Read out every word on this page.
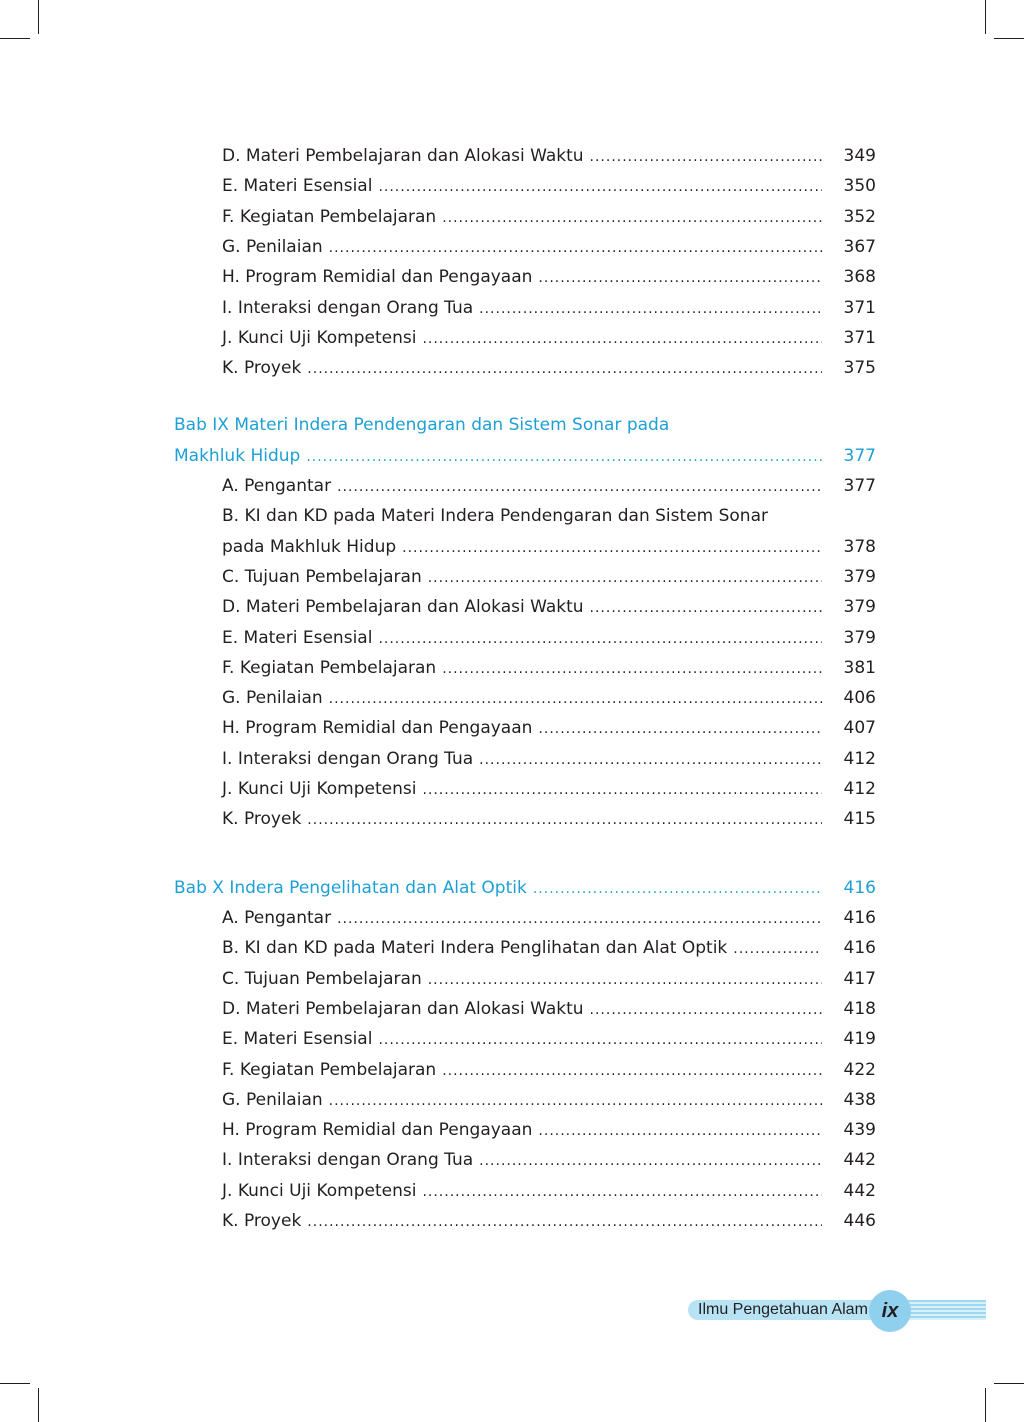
D. Materi Pembelajaran dan Alokasi Waktu .....	349
E. Materi Esensial .....	350
F. Kegiatan Pembelajaran .....	352
G. Penilaian .....	367
H. Program Remidial dan Pengayaan .....	368
I. Interaksi dengan Orang Tua .....	371
J. Kunci Uji Kompetensi .....	371
K. Proyek .....	375
Bab IX Materi Indera Pendengaran dan Sistem Sonar pada
Makhluk Hidup .....	377
A. Pengantar .....	377
B. KI dan KD pada Materi Indera Pendengaran dan Sistem Sonar
pada Makhluk Hidup .....	378
C. Tujuan Pembelajaran .....	379
D. Materi Pembelajaran dan Alokasi Waktu .....	379
E. Materi Esensial .....	379
F. Kegiatan Pembelajaran .....	381
G. Penilaian .....	406
H. Program Remidial dan Pengayaan .....	407
I. Interaksi dengan Orang Tua .....	412
J. Kunci Uji Kompetensi .....	412
K. Proyek .....	415
Bab X Indera Pengelihatan dan Alat Optik .....	416
A. Pengantar .....	416
B. KI dan KD pada Materi Indera Penglihatan dan Alat Optik .....	416
C. Tujuan Pembelajaran .....	417
D. Materi Pembelajaran dan Alokasi Waktu .....	418
E. Materi Esensial .....	419
F. Kegiatan Pembelajaran .....	422
G. Penilaian .....	438
H. Program Remidial dan Pengayaan .....	439
I. Interaksi dengan Orang Tua .....	442
J. Kunci Uji Kompetensi .....	442
K. Proyek .....	446
Ilmu Pengetahuan Alam ix
